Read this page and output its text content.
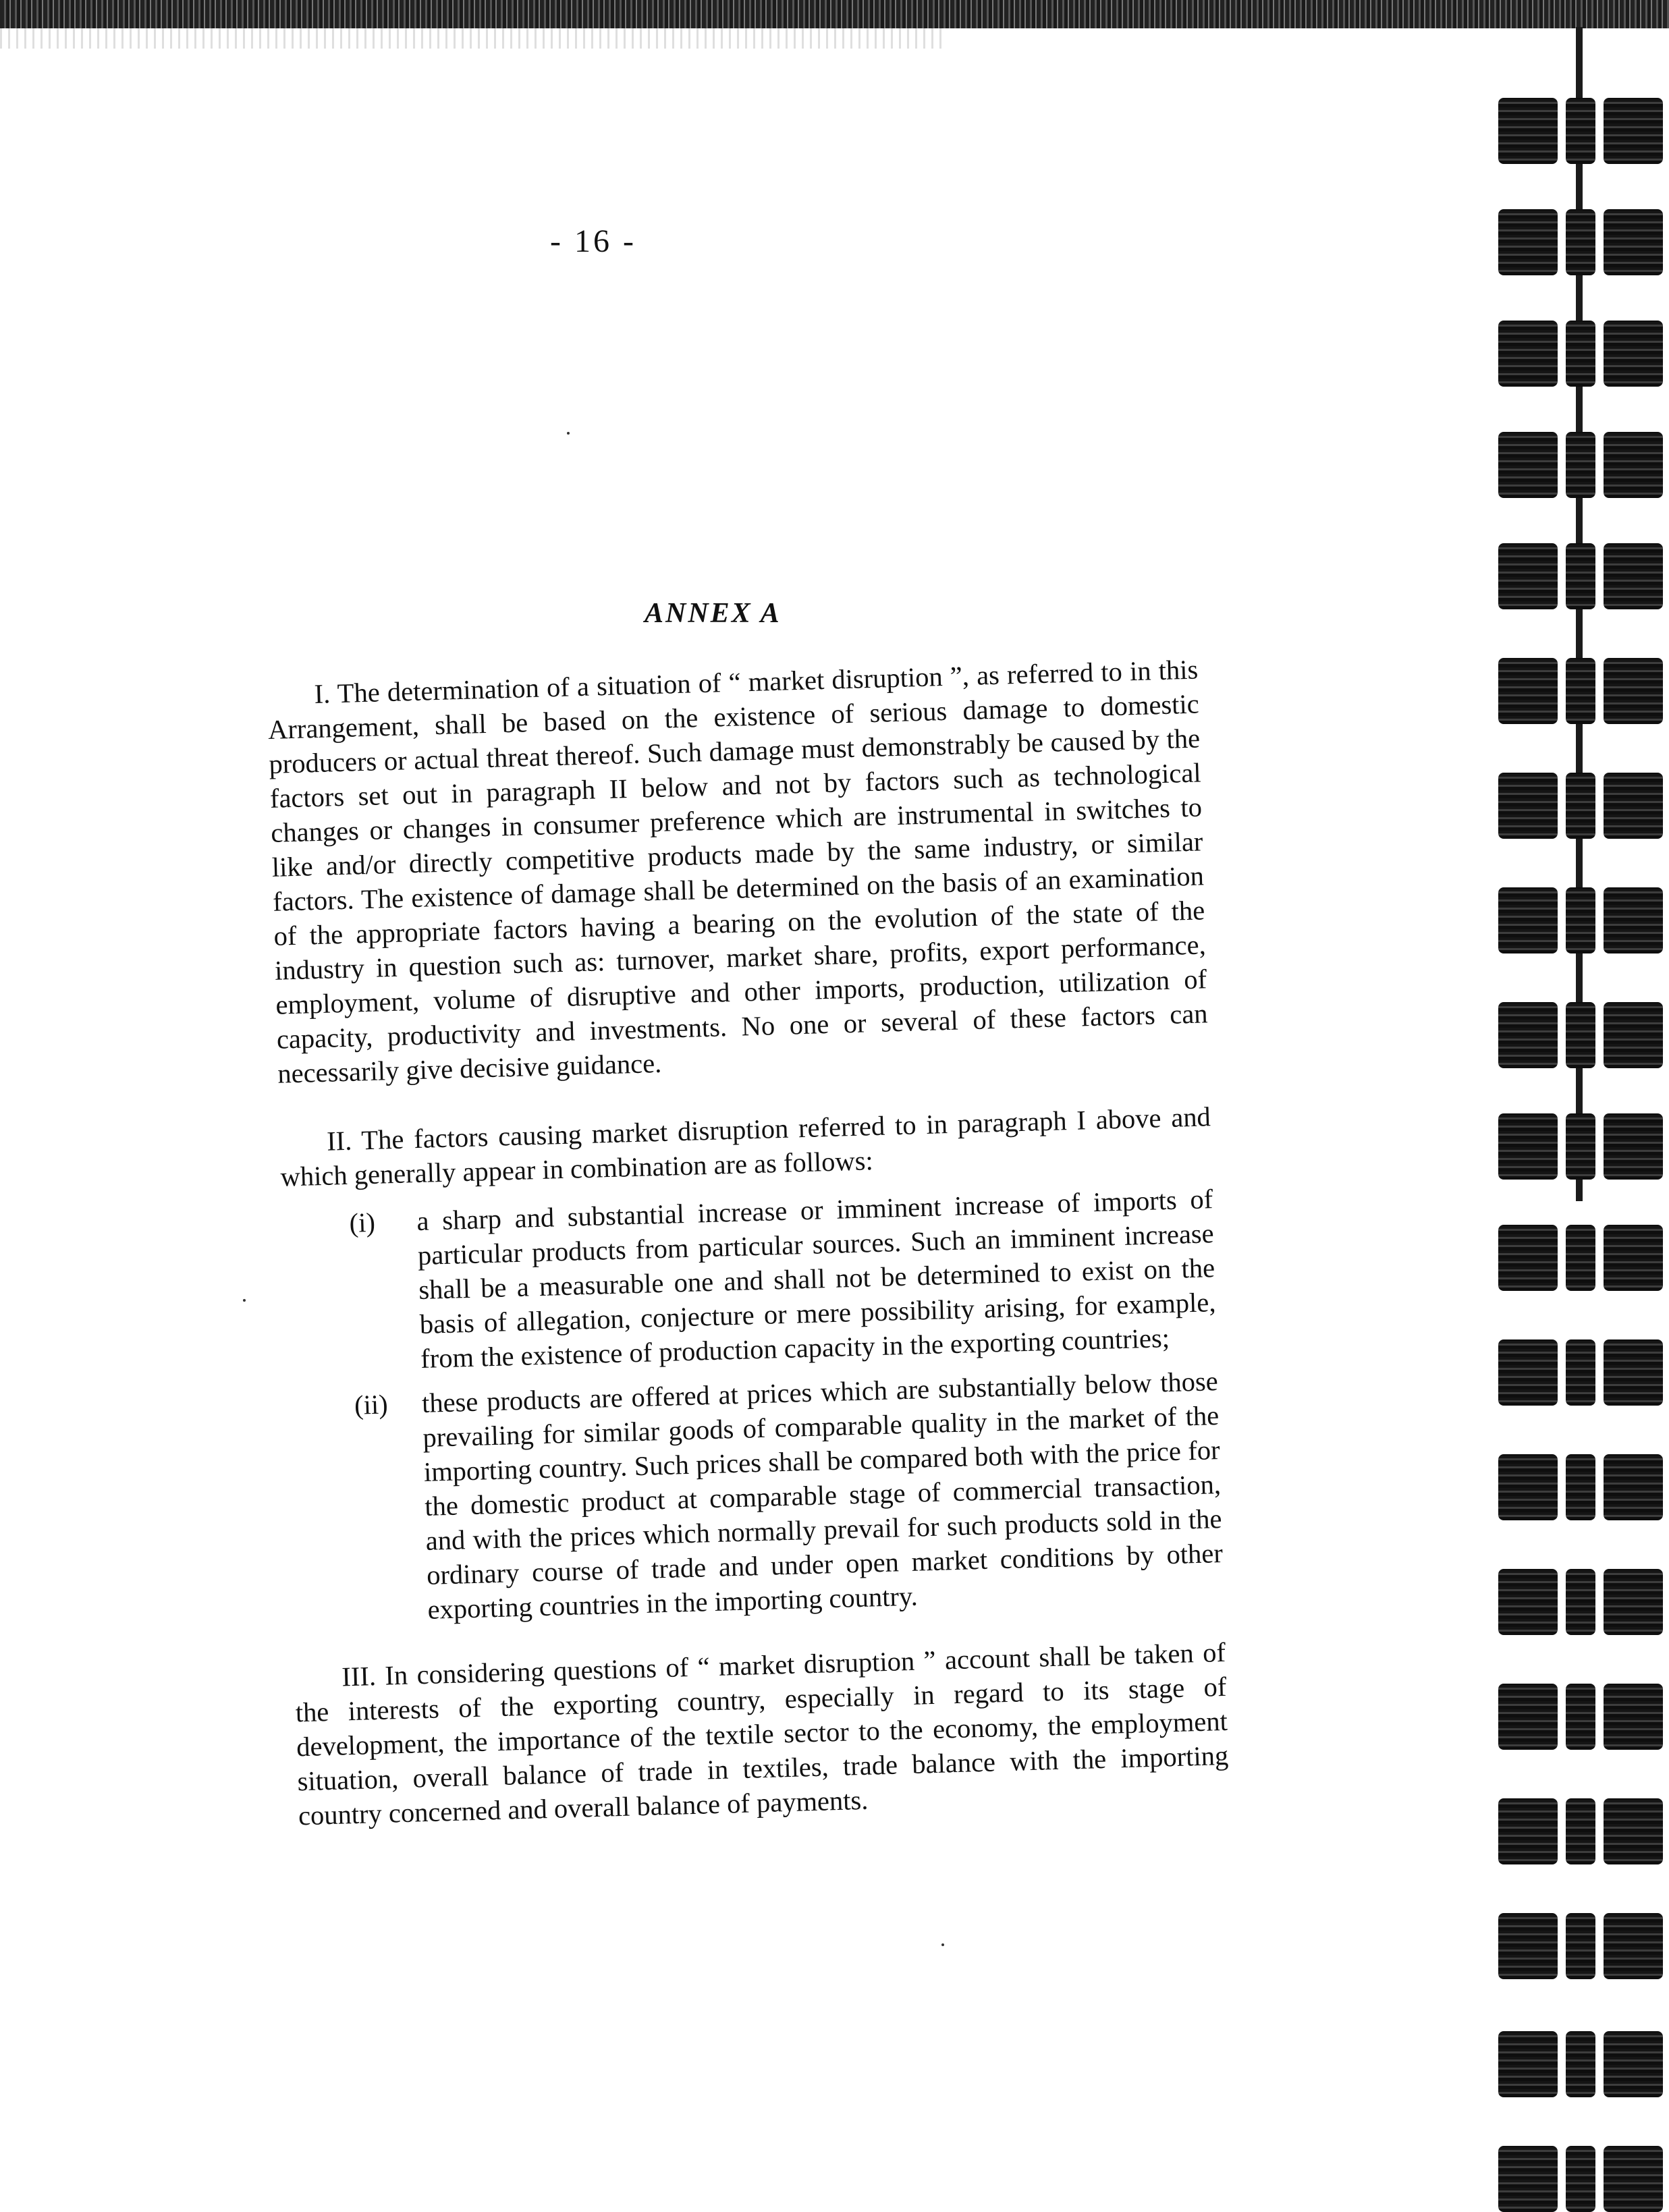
- 16 -
ANNEX A

I. The determination of a situation of “ market disruption ”, as referred to in this Arrangement, shall be based on the existence of serious damage to domestic producers or actual threat thereof. Such damage must demonstrably be caused by the factors set out in paragraph II below and not by factors such as technological changes or changes in consumer preference which are instrumental in switches to like and/or directly competitive products made by the same industry, or similar factors. The existence of damage shall be determined on the basis of an examination of the appropriate factors having a bearing on the evolution of the state of the industry in question such as: turnover, market share, profits, export performance, employment, volume of disruptive and other imports, production, utilization of capacity, productivity and investments. No one or several of these factors can necessarily give decisive guidance.

II. The factors causing market disruption referred to in paragraph I above and which generally appear in combination are as follows:

(i)	a sharp and substantial increase or imminent increase of imports of particular products from particular sources. Such an imminent increase shall be a measurable one and shall not be determined to exist on the basis of allegation, conjecture or mere possibility arising, for example, from the existence of production capacity in the exporting countries;
(ii)	these products are offered at prices which are substantially below those prevailing for similar goods of comparable quality in the market of the importing country. Such prices shall be compared both with the price for the domestic product at comparable stage of commercial transaction, and with the prices which normally prevail for such products sold in the ordinary course of trade and under open market conditions by other exporting countries in the importing country.

III. In considering questions of “ market disruption ” account shall be taken of the interests of the exporting country, especially in regard to its stage of development, the importance of the textile sector to the economy, the employment situation, overall balance of trade in textiles, trade balance with the importing country concerned and overall balance of payments.
